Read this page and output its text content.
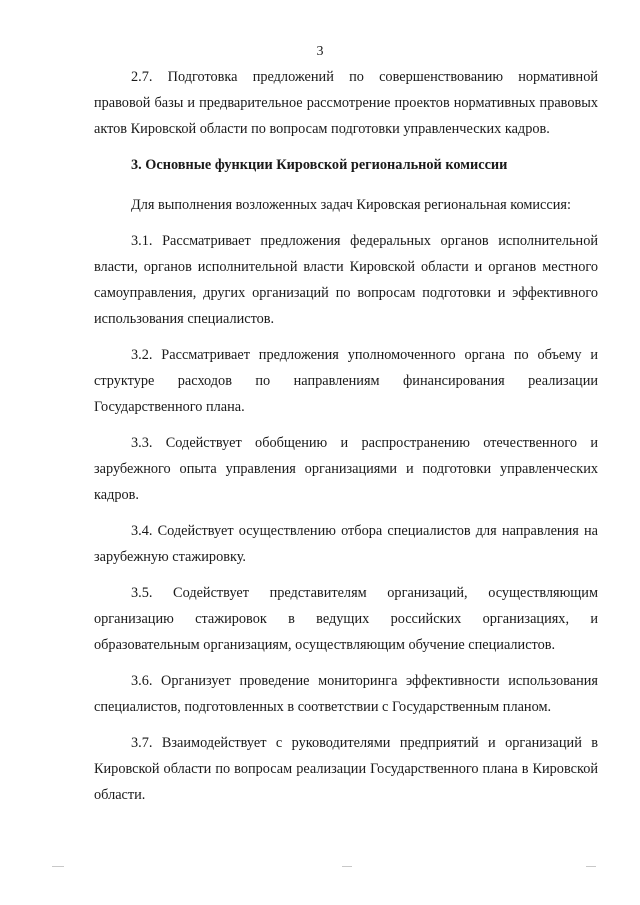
3

2.7. Подготовка предложений по совершенствованию нормативной правовой базы и предварительное рассмотрение проектов нормативных правовых актов Кировской области по вопросам подготовки управленческих кадров.

3. Основные функции Кировской региональной комиссии

Для выполнения возложенных задач Кировская региональная комиссия:

3.1. Рассматривает предложения федеральных органов исполнительной власти, органов исполнительной власти Кировской области и органов местного самоуправления, других организаций по вопросам подготовки и эффективного использования специалистов.

3.2. Рассматривает предложения уполномоченного органа по объему и структуре расходов по направлениям финансирования реализации Государственного плана.

3.3. Содействует обобщению и распространению отечественного и зарубежного опыта управления организациями и подготовки управленческих кадров.

3.4. Содействует осуществлению отбора специалистов для направления на зарубежную стажировку.

3.5. Содействует представителям организаций, осуществляющим организацию стажировок в ведущих российских организациях, и образовательным организациям, осуществляющим обучение специалистов.

3.6. Организует проведение мониторинга эффективности использования специалистов, подготовленных в соответствии с Государственным планом.

3.7. Взаимодействует с руководителями предприятий и организаций в Кировской области по вопросам реализации Государственного плана в Кировской области.
